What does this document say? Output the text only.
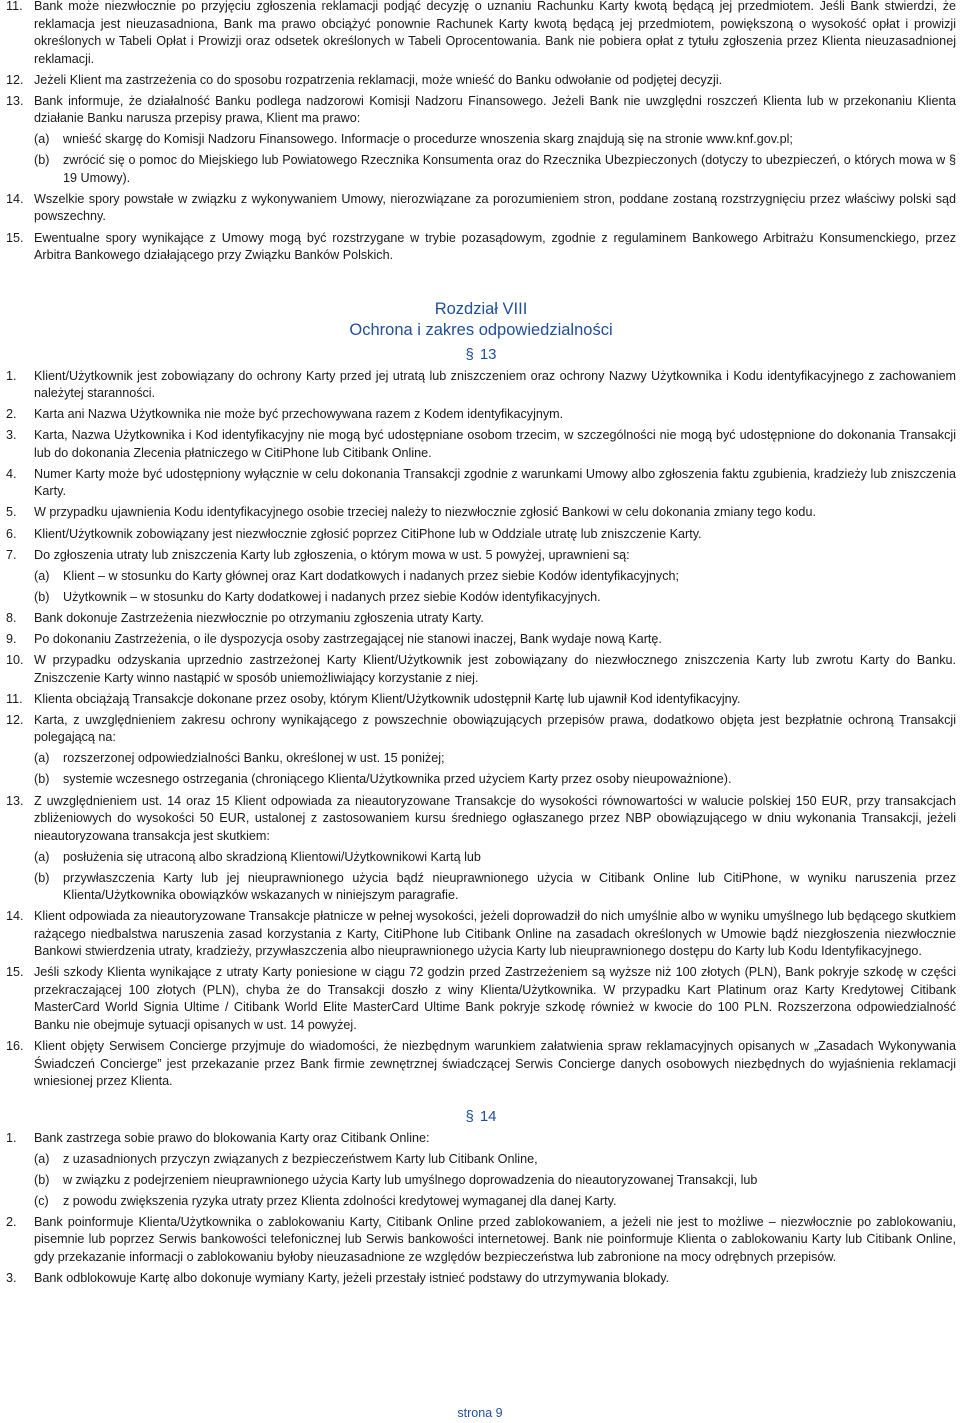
11. Bank może niezwłocznie po przyjęciu zgłoszenia reklamacji podjąć decyzję o uznaniu Rachunku Karty kwotą będącą jej przedmiotem. Jeśli Bank stwierdzi, że reklamacja jest nieuzasadniona, Bank ma prawo obciążyć ponownie Rachunek Karty kwotą będącą jej przedmiotem, powiększoną o wysokość opłat i prowizji określonych w Tabeli Opłat i Prowizji oraz odsetek określonych w Tabeli Oprocentowania. Bank nie pobiera opłat z tytułu zgłoszenia przez Klienta nieuzasadnionej reklamacji.
12. Jeżeli Klient ma zastrzeżenia co do sposobu rozpatrzenia reklamacji, może wnieść do Banku odwołanie od podjętej decyzji.
13. Bank informuje, że działalność Banku podlega nadzorowi Komisji Nadzoru Finansowego. Jeżeli Bank nie uwzględni roszczeń Klienta lub w przekonaniu Klienta działanie Banku narusza przepisy prawa, Klient ma prawo:
(a) wnieść skargę do Komisji Nadzoru Finansowego. Informacje o procedurze wnoszenia skarg znajdują się na stronie www.knf.gov.pl;
(b) zwrócić się o pomoc do Miejskiego lub Powiatowego Rzecznika Konsumenta oraz do Rzecznika Ubezpieczonych (dotyczy to ubezpieczeń, o których mowa w § 19 Umowy).
14. Wszelkie spory powstałe w związku z wykonywaniem Umowy, nierozwiązane za porozumieniem stron, poddane zostaną rozstrzygnięciu przez właściwy polski sąd powszechny.
15. Ewentualne spory wynikające z Umowy mogą być rozstrzygane w trybie pozasądowym, zgodnie z regulaminem Bankowego Arbitrażu Konsumenckiego, przez Arbitra Bankowego działającego przy Związku Banków Polskich.
Rozdział VIII
Ochrona i zakres odpowiedzialności
§ 13
1. Klient/Użytkownik jest zobowiązany do ochrony Karty przed jej utratą lub zniszczeniem oraz ochrony Nazwy Użytkownika i Kodu identyfikacyjnego z zachowaniem należytej staranności.
2. Karta ani Nazwa Użytkownika nie może być przechowywana razem z Kodem identyfikacyjnym.
3. Karta, Nazwa Użytkownika i Kod identyfikacyjny nie mogą być udostępniane osobom trzecim, w szczególności nie mogą być udostępnione do dokonania Transakcji lub do dokonania Zlecenia płatniczego w CitiPhone lub Citibank Online.
4. Numer Karty może być udostępniony wyłącznie w celu dokonania Transakcji zgodnie z warunkami Umowy albo zgłoszenia faktu zgubienia, kradzieży lub zniszczenia Karty.
5. W przypadku ujawnienia Kodu identyfikacyjnego osobie trzeciej należy to niezwłocznie zgłosić Bankowi w celu dokonania zmiany tego kodu.
6. Klient/Użytkownik zobowiązany jest niezwłocznie zgłosić poprzez CitiPhone lub w Oddziale utratę lub zniszczenie Karty.
7. Do zgłoszenia utraty lub zniszczenia Karty lub zgłoszenia, o którym mowa w ust. 5 powyżej, uprawnieni są:
(a) Klient – w stosunku do Karty głównej oraz Kart dodatkowych i nadanych przez siebie Kodów identyfikacyjnych;
(b) Użytkownik – w stosunku do Karty dodatkowej i nadanych przez siebie Kodów identyfikacyjnych.
8. Bank dokonuje Zastrzeżenia niezwłocznie po otrzymaniu zgłoszenia utraty Karty.
9. Po dokonaniu Zastrzeżenia, o ile dyspozycja osoby zastrzegającej nie stanowi inaczej, Bank wydaje nową Kartę.
10. W przypadku odzyskania uprzednio zastrzeżonej Karty Klient/Użytkownik jest zobowiązany do niezwłocznego zniszczenia Karty lub zwrotu Karty do Banku. Zniszczenie Karty winno nastąpić w sposób uniemożliwiający korzystanie z niej.
11. Klienta obciążają Transakcje dokonane przez osoby, którym Klient/Użytkownik udostępnił Kartę lub ujawnił Kod identyfikacyjny.
12. Karta, z uwzględnieniem zakresu ochrony wynikającego z powszechnie obowiązujących przepisów prawa, dodatkowo objęta jest bezpłatnie ochroną Transakcji polegającą na:
(a) rozszerzonej odpowiedzialności Banku, określonej w ust. 15 poniżej;
(b) systemie wczesnego ostrzegania (chroniącego Klienta/Użytkownika przed użyciem Karty przez osoby nieupoważnione).
13. Z uwzględnieniem ust. 14 oraz 15 Klient odpowiada za nieautoryzowane Transakcje do wysokości równowartości w walucie polskiej 150 EUR, przy transakcjach zbliżeniowych do wysokości 50 EUR, ustalonej z zastosowaniem kursu średniego ogłaszanego przez NBP obowiązującego w dniu wykonania Transakcji, jeżeli nieautoryzowana transakcja jest skutkiem:
(a) posłużenia się utraconą albo skradzioną Klientowi/Użytkownikowi Kartą lub
(b) przywłaszczenia Karty lub jej nieuprawnionego użycia bądź nieuprawnionego użycia w Citibank Online lub CitiPhone, w wyniku naruszenia przez Klienta/Użytkownika obowiązków wskazanych w niniejszym paragrafie.
14. Klient odpowiada za nieautoryzowane Transakcje płatnicze w pełnej wysokości, jeżeli doprowadził do nich umyślnie albo w wyniku umyślnego lub będącego skutkiem rażącego niedbalstwa naruszenia zasad korzystania z Karty, CitiPhone lub Citibank Online na zasadach określonych w Umowie bądź niezgłoszenia niezwłocznie Bankowi stwierdzenia utraty, kradzieży, przywłaszczenia albo nieuprawnionego użycia Karty lub nieuprawnionego dostępu do Karty lub Kodu Identyfikacyjnego.
15. Jeśli szkody Klienta wynikające z utraty Karty poniesione w ciągu 72 godzin przed Zastrzeżeniem są wyższe niż 100 złotych (PLN), Bank pokryje szkodę w części przekraczającej 100 złotych (PLN), chyba że do Transakcji doszło z winy Klienta/Użytkownika. W przypadku Kart Platinum oraz Karty Kredytowej Citibank MasterCard World Signia Ultime / Citibank World Elite MasterCard Ultime Bank pokryje szkodę również w kwocie do 100 PLN. Rozszerzona odpowiedzialność Banku nie obejmuje sytuacji opisanych w ust. 14 powyżej.
16. Klient objęty Serwisem Concierge przyjmuje do wiadomości, że niezbędnym warunkiem załatwienia spraw reklamacyjnych opisanych w „Zasadach Wykonywania Świadczeń Concierge” jest przekazanie przez Bank firmie zewnętrznej świadczącej Serwis Concierge danych osobowych niezbędnych do wyjaśnienia reklamacji wniesionej przez Klienta.
§ 14
1. Bank zastrzega sobie prawo do blokowania Karty oraz Citibank Online:
(a) z uzasadnionych przyczyn związanych z bezpieczeństwem Karty lub Citibank Online,
(b) w związku z podejrzeniem nieuprawnionego użycia Karty lub umyślnego doprowadzenia do nieautoryzowanej Transakcji, lub
(c) z powodu zwiększenia ryzyka utraty przez Klienta zdolności kredytowej wymaganej dla danej Karty.
2. Bank poinformuje Klienta/Użytkownika o zablokowaniu Karty, Citibank Online przed zablokowaniem, a jeżeli nie jest to możliwe – niezwłocznie po zablokowaniu, pisemnie lub poprzez Serwis bankowości telefonicznej lub Serwis bankowości internetowej. Bank nie poinformuje Klienta o zablokowaniu Karty lub Citibank Online, gdy przekazanie informacji o zablokowaniu byłoby nieuzasadnione ze względów bezpieczeństwa lub zabronione na mocy odrębnych przepisów.
3. Bank odblokowuje Kartę albo dokonuje wymiany Karty, jeżeli przestały istnieć podstawy do utrzymywania blokady.
strona 9
